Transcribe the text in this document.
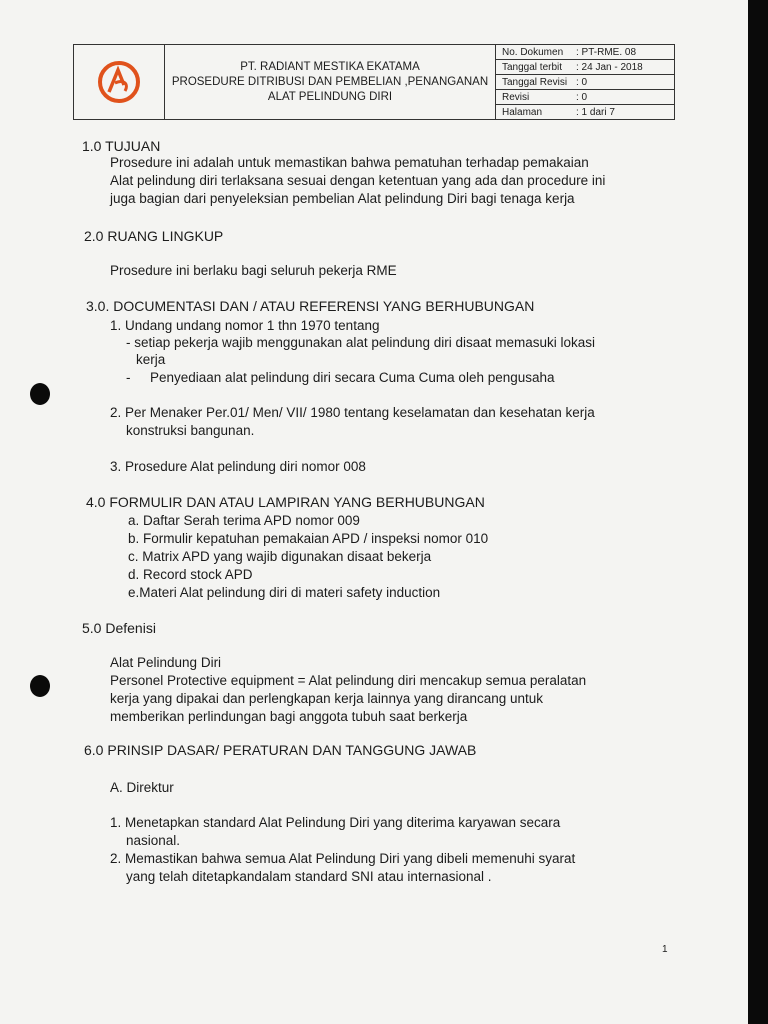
PT. RADIANT MESTIKA EKATAMA
PROSEDURE DITRIBUSI DAN PEMBELIAN ,PENANGANAN
ALAT PELINDUNG DIRI
No. Dokumen	: PT-RME. 08
Tanggal terbit	: 24 Jan - 2018
Tanggal Revisi : 0
Revisi	: 0
Halaman	: 1 dari 7
1.0 TUJUAN
Prosedure ini adalah untuk memastikan bahwa pematuhan terhadap pemakaian
Alat pelindung diri terlaksana sesuai dengan ketentuan yang ada dan procedure ini
juga bagian dari penyeleksian pembelian Alat pelindung Diri bagi tenaga kerja
2.0 RUANG LINGKUP
Prosedure ini berlaku bagi seluruh pekerja RME
3.0. DOCUMENTASI DAN / ATAU REFERENSI YANG BERHUBUNGAN
1. Undang undang nomor 1 thn 1970 tentang
- setiap pekerja wajib menggunakan alat pelindung diri disaat memasuki lokasi
kerja
- Penyediaan alat pelindung diri secara Cuma Cuma oleh pengusaha
2. Per Menaker Per.01/ Men/ VII/ 1980 tentang keselamatan dan kesehatan kerja
konstruksi bangunan.
3. Prosedure Alat pelindung diri nomor 008
4.0 FORMULIR DAN ATAU LAMPIRAN YANG BERHUBUNGAN
a. Daftar Serah terima APD nomor 009
b. Formulir kepatuhan pemakaian APD / inspeksi nomor 010
c. Matrix APD yang wajib digunakan disaat bekerja
d. Record stock APD
e.Materi Alat pelindung diri di materi safety induction
5.0 Defenisi
Alat Pelindung Diri
Personel Protective equipment = Alat pelindung diri mencakup semua peralatan
kerja yang dipakai dan perlengkapan kerja lainnya yang dirancang untuk
memberikan perlindungan bagi anggota tubuh saat berkerja
6.0 PRINSIP DASAR/ PERATURAN DAN TANGGUNG JAWAB
A. Direktur
1. Menetapkan standard Alat Pelindung Diri yang diterima karyawan secara
nasional.
2. Memastikan bahwa semua Alat Pelindung Diri yang dibeli memenuhi syarat
yang telah ditetapkandalam standard SNI atau internasional .
1
